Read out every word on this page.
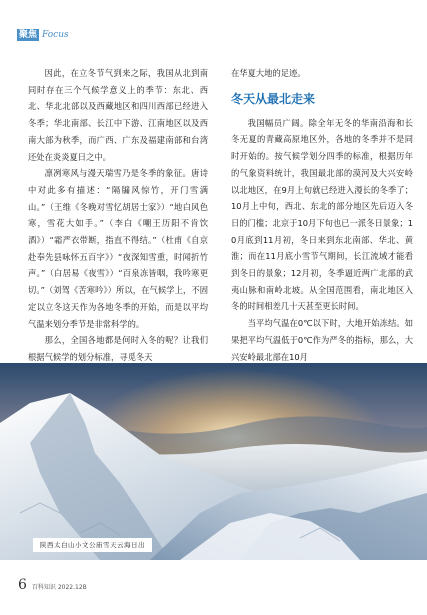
聚焦 Focus

因此，在立冬节气到来之际，我国从北到南同时存在三个气候学意义上的季节：东北、西北、华北北部以及西藏地区和四川西部已经进入冬季；华北南部、长江中下游、江南地区以及西南大部为秋季，而广西、广东及福建南部和台湾还处在炎炎夏日之中。

凛冽寒风与漫天瑞雪乃是冬季的象征。唐诗中对此多有描述：“隔牖风惊竹，开门雪满山。”（王维《冬晚对雪忆胡居士家》）“地白风色寒，雪花大如手。”（李白《嘲王历阳不肯饮酒》）“霜严衣带断，指直不得结。”（杜甫《自京赴奉先县咏怀五百字》）“夜深知雪重，时闻折竹声。”（白居易《夜雪》）“百泉冻皆咽，我吟寒更切。”（刘驾《苦寒吟》）所以，在气候学上，不固定以立冬这天作为各地冬季的开始，而是以平均气温来划分季节是非常科学的。

那么，全国各地都是何时入冬的呢？让我们根据气候学的划分标准，寻觅冬天

在华夏大地的足迹。

冬天从最北走来

我国幅员广阔。除全年无冬的华南沿海和长冬无夏的青藏高原地区外，各地的冬季并不是同时开始的。按气候学划分四季的标准，根据历年的气象资料统计，我国最北部的漠河及大兴安岭以北地区，在9月上旬就已经进入漫长的冬季了；10月上中旬，西北、东北的部分地区先后迈入冬日的门槛；北京于10月下旬也已一派冬日景象；10月底到11月初，冬日来到东北南部、华北、黄淮；而在11月底小雪节气期间，长江流域才能看到冬日的景象；12月初，冬季逼近两广北部的武夷山脉和南岭北坡。从全国范围看，南北地区入冬的时间相差几十天甚至更长时间。

当平均气温在0℃以下时，大地开始冻结。如果把平均气温低于0℃作为严冬的指标，那么，大兴安岭最北部在10月

陕西太白山小文公庙雪天云海日出
6 百科知识 2022.12B
